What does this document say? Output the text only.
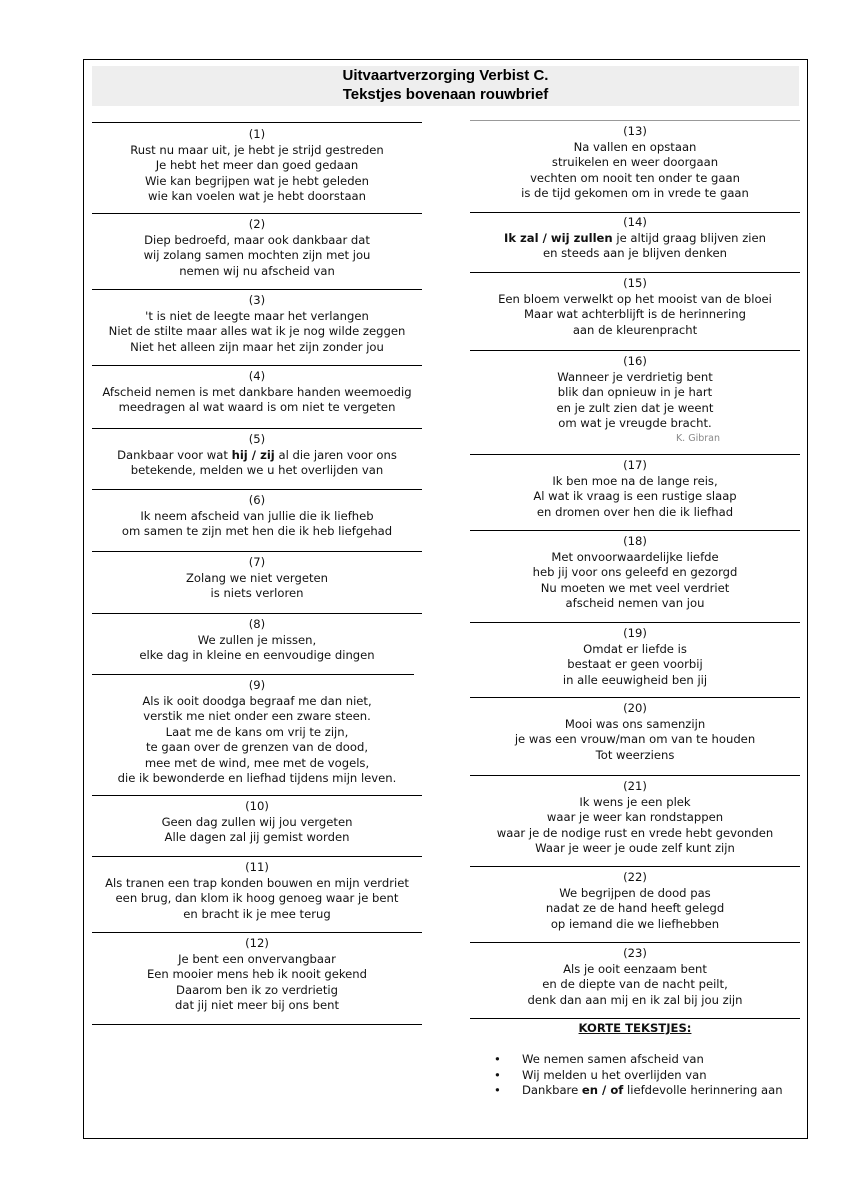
Uitvaartverzorging Verbist C.
Tekstjes bovenaan rouwbrief
(1)
Rust nu maar uit, je hebt je strijd gestreden
Je hebt het meer dan goed gedaan
Wie kan begrijpen wat je hebt geleden
wie kan voelen wat je hebt doorstaan
(2)
Diep bedroefd, maar ook dankbaar dat
wij zolang samen mochten zijn met jou
nemen wij nu afscheid van
(3)
't is niet de leegte maar het verlangen
Niet de stilte maar alles wat ik je nog wilde zeggen
Niet het alleen zijn maar het zijn zonder jou
(4)
Afscheid nemen is met dankbare handen weemoedig
meedragen al wat waard is om niet te vergeten
(5)
Dankbaar voor wat hij / zij al die jaren voor ons
betekende, melden we u het overlijden van
(6)
Ik neem afscheid van jullie die ik liefheb
om samen te zijn met hen die ik heb liefgehad
(7)
Zolang we niet vergeten
is niets verloren
(8)
We zullen je missen,
elke dag in kleine en eenvoudige dingen
(9)
Als ik ooit doodga begraaf me dan niet,
verstik me niet onder een zware steen.
Laat me de kans om vrij te zijn,
te gaan over de grenzen van de dood,
mee met de wind, mee met de vogels,
die ik bewonderde en liefhad tijdens mijn leven.
(10)
Geen dag zullen wij jou vergeten
Alle dagen zal jij gemist worden
(11)
Als tranen een trap konden bouwen en mijn verdriet
een brug, dan klom ik hoog genoeg waar je bent
en bracht ik je mee terug
(12)
Je bent een onvervangbaar
Een mooier mens heb ik nooit gekend
Daarom ben ik zo verdrietig
dat jij niet meer bij ons bent
(13)
Na vallen en opstaan
struikelen en weer doorgaan
vechten om nooit ten onder te gaan
is de tijd gekomen om in vrede te gaan
(14)
Ik zal / wij zullen je altijd graag blijven zien
en steeds aan je blijven denken
(15)
Een bloem verwelkt op het mooist van de bloei
Maar wat achterblijft is de herinnering
aan de kleurenpracht
(16)
Wanneer je verdrietig bent
blik dan opnieuw in je hart
en je zult zien dat je weent
om wat je vreugde bracht.
K. Gibran
(17)
Ik ben moe na de lange reis,
Al wat ik vraag is een rustige slaap
en dromen over hen die ik liefhad
(18)
Met onvoorwaardelijke liefde
heb jij voor ons geleefd en gezorgd
Nu moeten we met veel verdriet
afscheid nemen van jou
(19)
Omdat er liefde is
bestaat er geen voorbij
in alle eeuwigheid ben jij
(20)
Mooi was ons samenzijn
je was een vrouw/man om van te houden
Tot weerziens
(21)
Ik wens je een plek
waar je weer kan rondstappen
waar je de nodige rust en vrede hebt gevonden
Waar je weer je oude zelf kunt zijn
(22)
We begrijpen de dood pas
nadat ze de hand heeft gelegd
op iemand die we liefhebben
(23)
Als je ooit eenzaam bent
en de diepte van de nacht peilt,
denk dan aan mij en ik zal bij jou zijn
KORTE TEKSTJES:
• We nemen samen afscheid van
• Wij melden u het overlijden van
• Dankbare en / of liefdevolle herinnering aan
